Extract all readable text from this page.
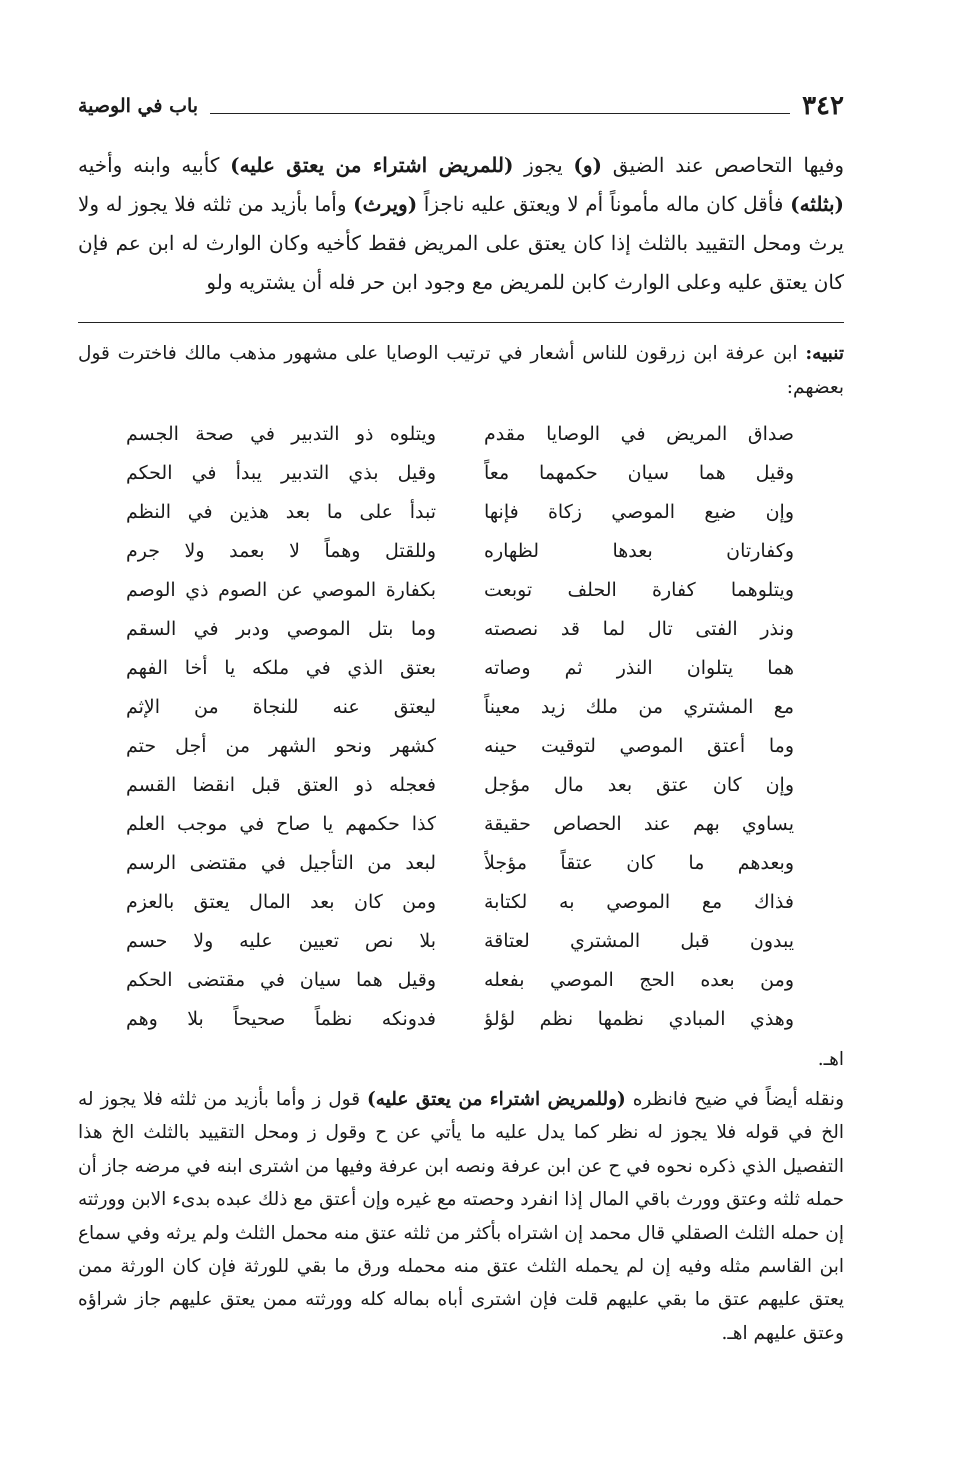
٣٤٢
باب في الوصية
وفيها التحاصص عند الضيق (و) يجوز (للمريض اشتراء من يعتق عليه) كأبيه وابنه وأخيه (بثلثه) فأقل كان ماله مأموناً أم لا ويعتق عليه ناجزاً (ويرث) وأما بأزيد من ثلثه فلا يجوز له ولا يرث ومحل التقييد بالثلث إذا كان يعتق على المريض فقط كأخيه وكان الوارث له ابن عم فإن كان يعتق عليه وعلى الوارث كابن للمريض مع وجود ابن حر فله أن يشتريه ولو
تنبيه: ابن عرفة ابن زرقون للناس أشعار في ترتيب الوصايا على مشهور مذهب مالك فاخترت قول بعضهم:
صداق المريض في الوصايا مقدم
ويتلوه ذو التدبير في صحة الجسم
وقيل هما سيان حكمهما معاً
وقيل بذي التدبير يبدأ في الحكم
وإن ضيع الموصي زكاة فإنها
تبدأ على ما بعد هذين في النظم
وكفارتان بعدها لظهاره
وللقتل وهماً لا بعمد ولا جرم
ويتلوهما كفارة الحلف توبعت
بكفارة الموصي عن الصوم ذي الوصم
ونذر الفتى تال لما قد نصصته
وما بتل الموصي ودبر في السقم
هما يتلوان النذر ثم وصاته
بعتق الذي في ملكه يا أخا الفهم
مع المشتري من ملك زيد معيناً
ليعتق عنه للنجاة من الإثم
وما أعتق الموصي لتوقيت حينه
كشهر ونحو الشهر من أجل حتم
وإن كان عتق بعد مال مؤجل
فعجله ذو العتق قبل انقضا القسم
يساوي بهم عند الحصاص حقيقة
كذا حكمهم يا صاح في موجب العلم
وبعدهم ما كان عتقاً مؤجلاً
لبعد من التأجيل في مقتضى الرسم
فذاك مع الموصي به لكتابة
ومن كان بعد المال يعتق بالعزم
يبدون قبل المشتري لعتاقة
بلا نص تعيين عليه ولا حسم
ومن بعده الحج الموصي بفعله
وقيل هما سيان في مقتضى الحكم
وهذي المبادي نظمها نظم لؤلؤ
فدونكه نظماً صحيحاً بلا وهم
اهـ.
ونقله أيضاً في ضيح فانظره (وللمريض اشتراء من يعتق عليه) قول ز وأما بأزيد من ثلثه فلا يجوز له الخ في قوله فلا يجوز له نظر كما يدل عليه ما يأتي عن ح وقول ز ومحل التقييد بالثلث الخ هذا التفصيل الذي ذكره نحوه في ح عن ابن عرفة ونصه ابن عرفة وفيها من اشترى ابنه في مرضه جاز أن حمله ثلثه وعتق وورث باقي المال إذا انفرد وحصته مع غيره وإن أعتق مع ذلك عبده بدىء الابن وورثته إن حمله الثلث الصقلي قال محمد إن اشتراه بأكثر من ثلثه عتق منه محمل الثلث ولم يرثه وفي سماع ابن القاسم مثله وفيه إن لم يحمله الثلث عتق منه محمله ورق ما بقي للورثة فإن كان الورثة ممن يعتق عليهم عتق ما بقي عليهم قلت فإن اشترى أباه بماله كله وورثته ممن يعتق عليهم جاز شراؤه وعتق عليهم اهـ.
